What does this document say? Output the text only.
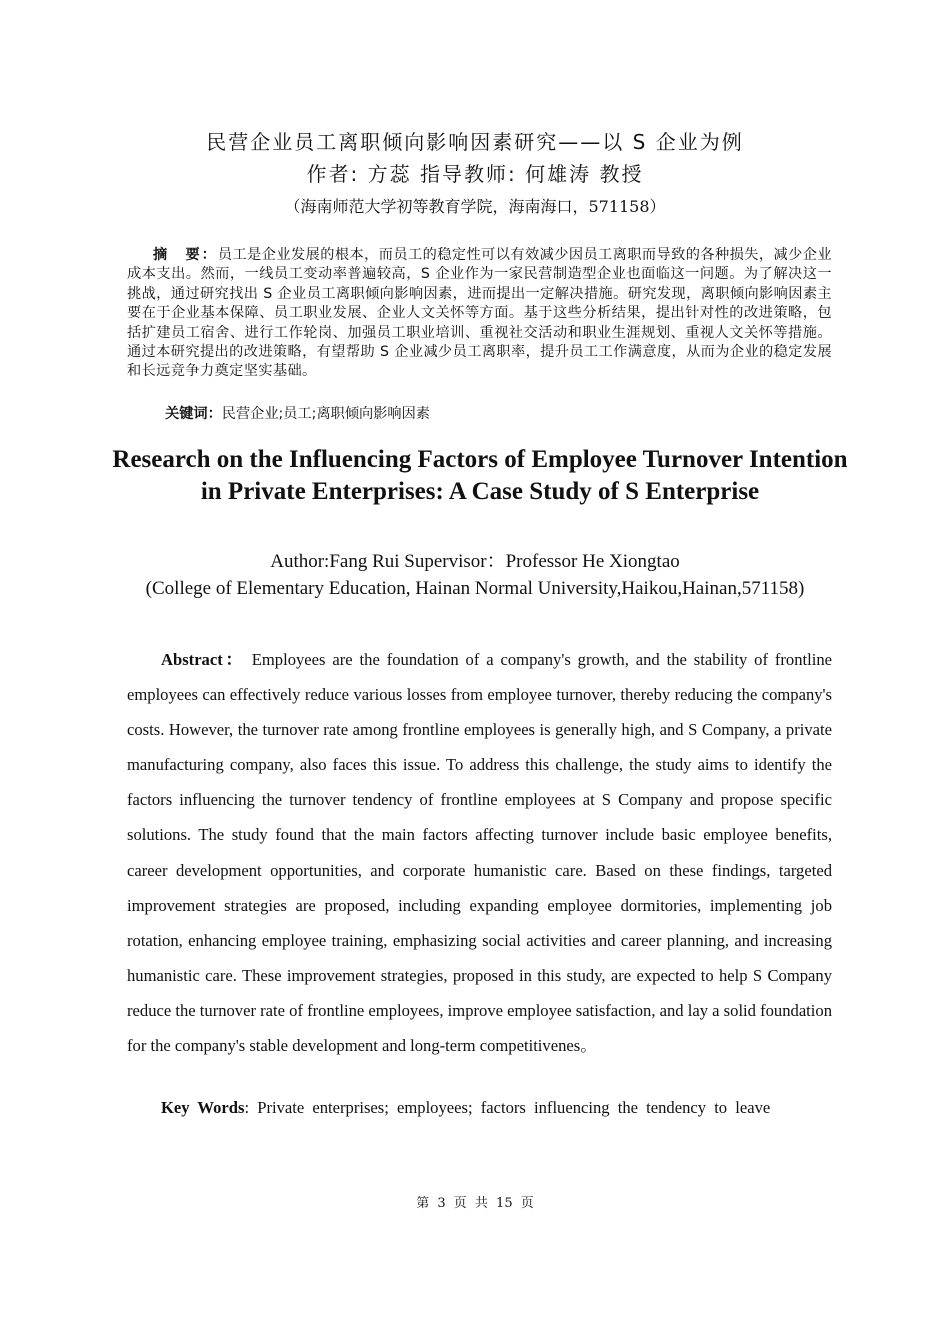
民营企业员工离职倾向影响因素研究——以 S 企业为例
作者: 方蕊 指导教师: 何雄涛 教授
（海南师范大学初等教育学院，海南海口，571158）
摘　要：员工是企业发展的根本，而员工的稳定性可以有效减少因员工离职而导致的各种损失，减少企业成本支出。然而，一线员工变动率普遍较高，S 企业作为一家民营制造型企业也面临这一问题。为了解决这一挑战，通过研究找出 S 企业员工离职倾向影响因素，进而提出一定解决措施。研究发现，离职倾向影响因素主要在于企业基本保障、员工职业发展、企业人文关怀等方面。基于这些分析结果，提出针对性的改进策略，包括扩建员工宿舍、进行工作轮岗、加强员工职业培训、重视社交活动和职业生涯规划、重视人文关怀等措施。通过本研究提出的改进策略，有望帮助 S 企业减少员工离职率，提升员工工作满意度，从而为企业的稳定发展和长远竞争力奠定坚实基础。
关键词：民营企业;员工;离职倾向影响因素
Research on the Influencing Factors of Employee Turnover Intention in Private Enterprises: A Case Study of S Enterprise
Author:Fang Rui Supervisor：Professor He Xiongtao
(College of Elementary Education, Hainan Normal University,Haikou,Hainan,571158)
Abstract： Employees are the foundation of a company's growth, and the stability of frontline employees can effectively reduce various losses from employee turnover, thereby reducing the company's costs. However, the turnover rate among frontline employees is generally high, and S Company, a private manufacturing company, also faces this issue. To address this challenge, the study aims to identify the factors influencing the turnover tendency of frontline employees at S Company and propose specific solutions. The study found that the main factors affecting turnover include basic employee benefits, career development opportunities, and corporate humanistic care. Based on these findings, targeted improvement strategies are proposed, including expanding employee dormitories, implementing job rotation, enhancing employee training, emphasizing social activities and career planning, and increasing humanistic care. These improvement strategies, proposed in this study, are expected to help S Company reduce the turnover rate of frontline employees, improve employee satisfaction, and lay a solid foundation for the company's stable development and long-term competitivenes。
Key Words: Private enterprises; employees; factors influencing the tendency to leave
第 3 页 共 15 页
